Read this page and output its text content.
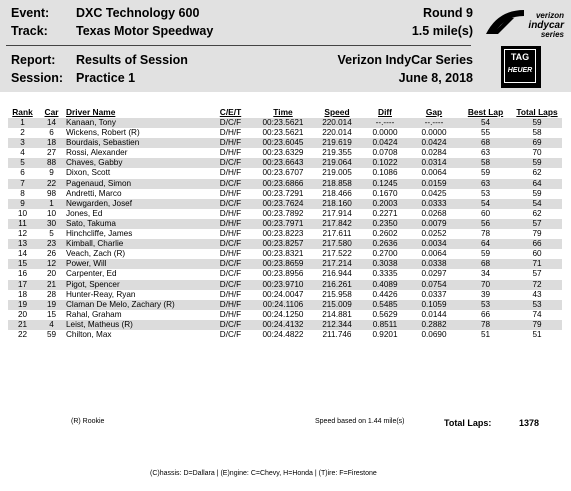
Event: DXC Technology 600	Round 9
Track: Texas Motor Speedway	1.5 mile(s)
Report: Results of Session	Verizon IndyCar Series
Session: Practice 1	June 8, 2018
verizon
indycar
series
TAG
HEUER
Rank	Car	Driver Name	C/E/T	Time	Speed	Diff	Gap	Best Lap	Total Laps
1	14	Kanaan, Tony	D/C/F	00:23.5621	220.014	--.----	--.----	54	59
2	6	Wickens, Robert (R)	D/H/F	00:23.5621	220.014	0.0000	0.0000	55	58
3	18	Bourdais, Sebastien	D/H/F	00:23.6045	219.619	0.0424	0.0424	68	69
4	27	Rossi, Alexander	D/H/F	00:23.6329	219.355	0.0708	0.0284	63	70
5	88	Chaves, Gabby	D/C/F	00:23.6643	219.064	0.1022	0.0314	58	59
6	9	Dixon, Scott	D/H/F	00:23.6707	219.005	0.1086	0.0064	59	62
7	22	Pagenaud, Simon	D/C/F	00:23.6866	218.858	0.1245	0.0159	63	64
8	98	Andretti, Marco	D/H/F	00:23.7291	218.466	0.1670	0.0425	53	59
9	1	Newgarden, Josef	D/C/F	00:23.7624	218.160	0.2003	0.0333	54	54
10	10	Jones, Ed	D/H/F	00:23.7892	217.914	0.2271	0.0268	60	62
11	30	Sato, Takuma	D/H/F	00:23.7971	217.842	0.2350	0.0079	56	57
12	5	Hinchcliffe, James	D/H/F	00:23.8223	217.611	0.2602	0.0252	78	79
13	23	Kimball, Charlie	D/C/F	00:23.8257	217.580	0.2636	0.0034	64	66
14	26	Veach, Zach (R)	D/H/F	00:23.8321	217.522	0.2700	0.0064	59	60
15	12	Power, Will	D/C/F	00:23.8659	217.214	0.3038	0.0338	68	71
16	20	Carpenter, Ed	D/C/F	00:23.8956	216.944	0.3335	0.0297	34	57
17	21	Pigot, Spencer	D/C/F	00:23.9710	216.261	0.4089	0.0754	70	72
18	28	Hunter-Reay, Ryan	D/H/F	00:24.0047	215.958	0.4426	0.0337	39	43
19	19	Claman De Melo, Zachary (R)	D/H/F	00:24.1106	215.009	0.5485	0.1059	53	53
20	15	Rahal, Graham	D/H/F	00:24.1250	214.881	0.5629	0.0144	66	74
21	4	Leist, Matheus (R)	D/C/F	00:24.4132	212.344	0.8511	0.2882	78	79
22	59	Chilton, Max	D/C/F	00:24.4822	211.746	0.9201	0.0690	51	51
(R) Rookie	Speed based on 1.44 mile(s)	Total Laps:	1378
(C)hassis: D=Dallara | (E)ngine: C=Chevy, H=Honda | (T)ire: F=Firestone
